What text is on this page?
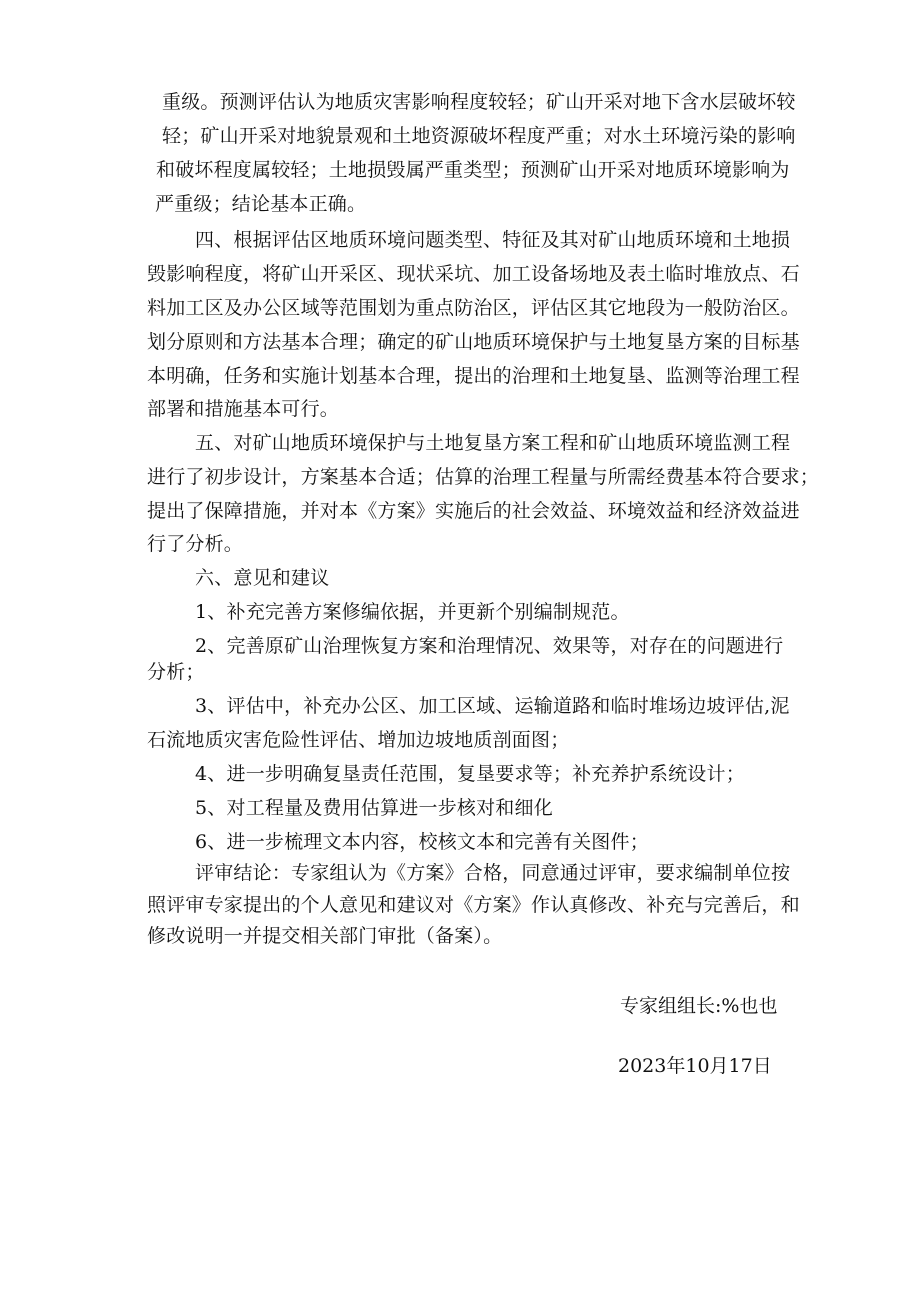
重级。预测评估认为地质灾害影响程度较轻；矿山开采对地下含水层破坏较
轻；矿山开采对地貌景观和土地资源破坏程度严重；对水土环境污染的影响
和破坏程度属较轻；土地损毁属严重类型；预测矿山开采对地质环境影响为
严重级；结论基本正确。
四、根据评估区地质环境问题类型、特征及其对矿山地质环境和土地损
毁影响程度，将矿山开采区、现状采坑、加工设备场地及表土临时堆放点、石
料加工区及办公区域等范围划为重点防治区，评估区其它地段为一般防治区。
划分原则和方法基本合理；确定的矿山地质环境保护与土地复垦方案的目标基
本明确，任务和实施计划基本合理，提出的治理和土地复垦、监测等治理工程
部署和措施基本可行。
五、对矿山地质环境保护与土地复垦方案工程和矿山地质环境监测工程
进行了初步设计，方案基本合适；估算的治理工程量与所需经费基本符合要求；
提出了保障措施，并对本《方案》实施后的社会效益、环境效益和经济效益进
行了分析。
六、意见和建议
1、补充完善方案修编依据，并更新个别编制规范。
2、完善原矿山治理恢复方案和治理情况、效果等，对存在的问题进行
分析；
3、评估中，补充办公区、加工区域、运输道路和临时堆场边坡评估,泥
石流地质灾害危险性评估、增加边坡地质剖面图；
4、进一步明确复垦责任范围，复垦要求等；补充养护系统设计；
5、对工程量及费用估算进一步核对和细化
6、进一步梳理文本内容，校核文本和完善有关图件；
评审结论：专家组认为《方案》合格，同意通过评审，要求编制单位按
照评审专家提出的个人意见和建议对《方案》作认真修改、补充与完善后，和
修改说明一并提交相关部门审批（备案）。
专家组组长:%也也
2023年10月17日
